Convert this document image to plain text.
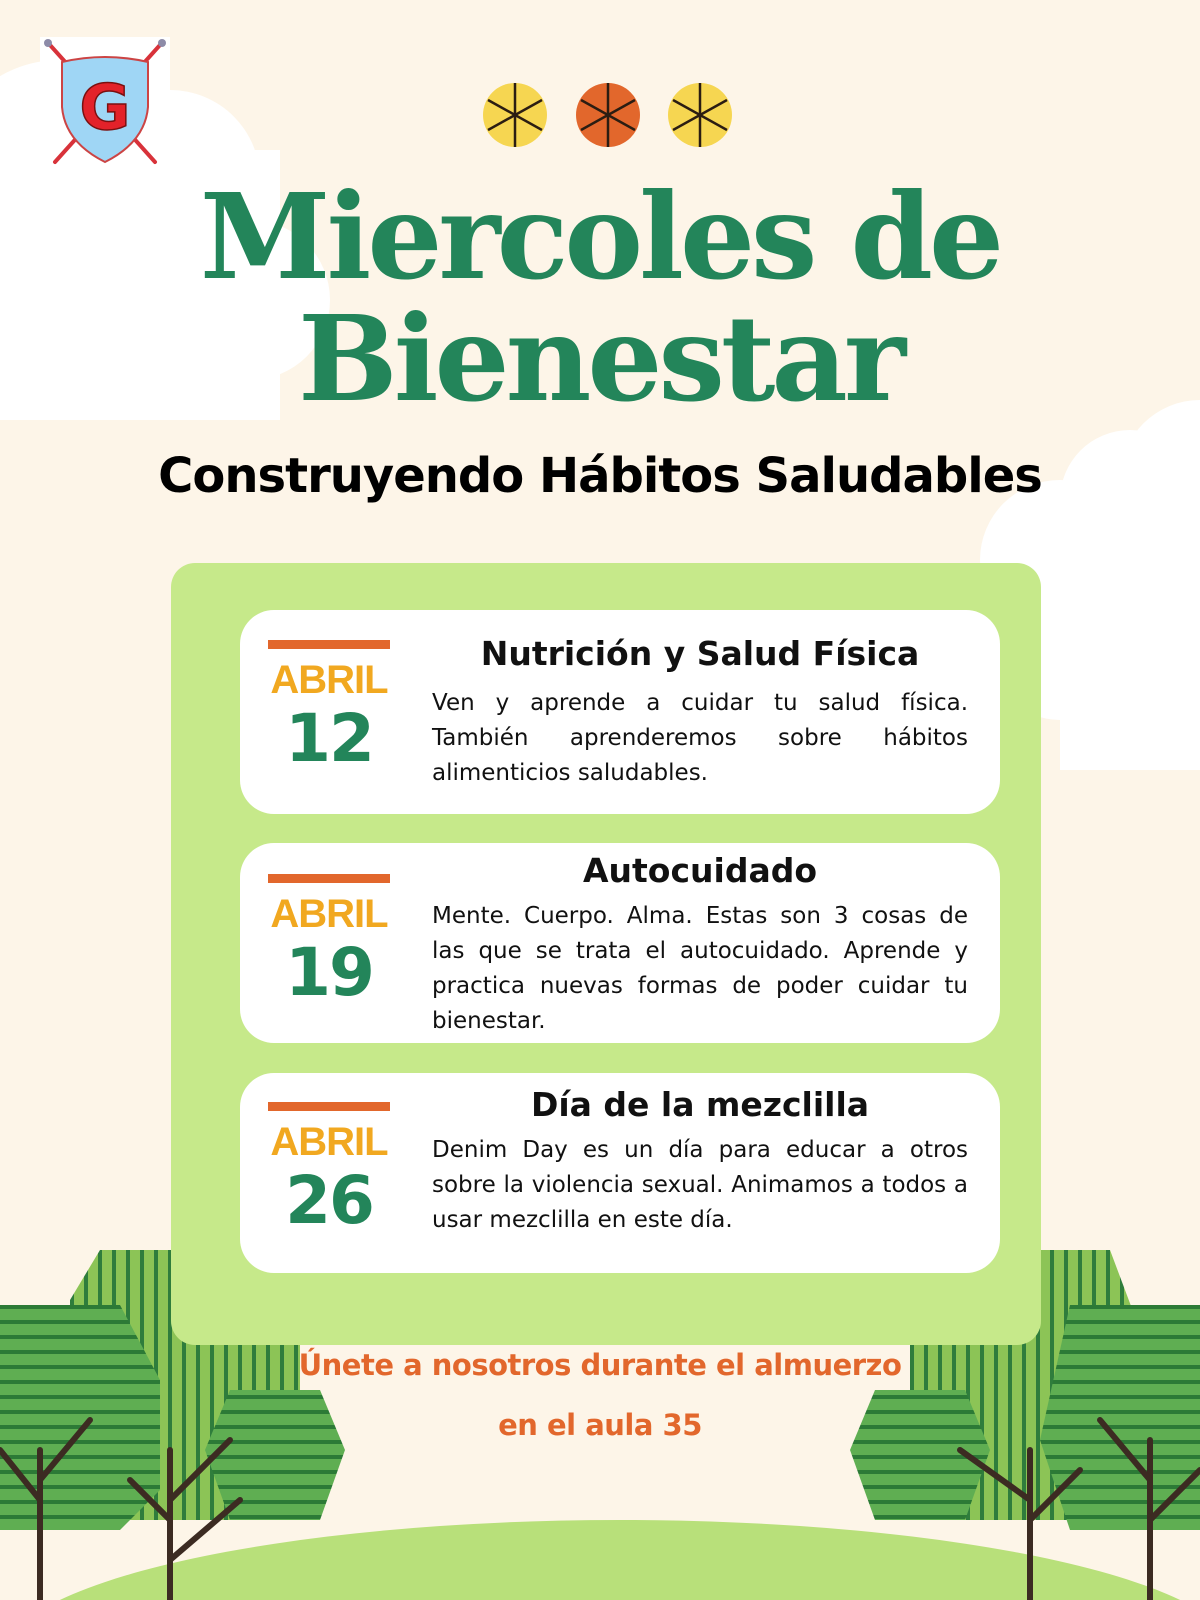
G
Miercoles de
Bienestar
Construyendo Hábitos Saludables
ABRIL
12
Nutrición y Salud Física
Ven y aprende a cuidar tu salud física. También aprenderemos sobre hábitos alimenticios saludables.
ABRIL
19
Autocuidado
Mente. Cuerpo. Alma. Estas son 3 cosas de las que se trata el autocuidado. Aprende y practica nuevas formas de poder cuidar tu bienestar.
ABRIL
26
Día de la mezclilla
Denim Day es un día para educar a otros sobre la violencia sexual. Animamos a todos a usar mezclilla en este día.
Únete a nosotros durante el almuerzo
en el aula 35
